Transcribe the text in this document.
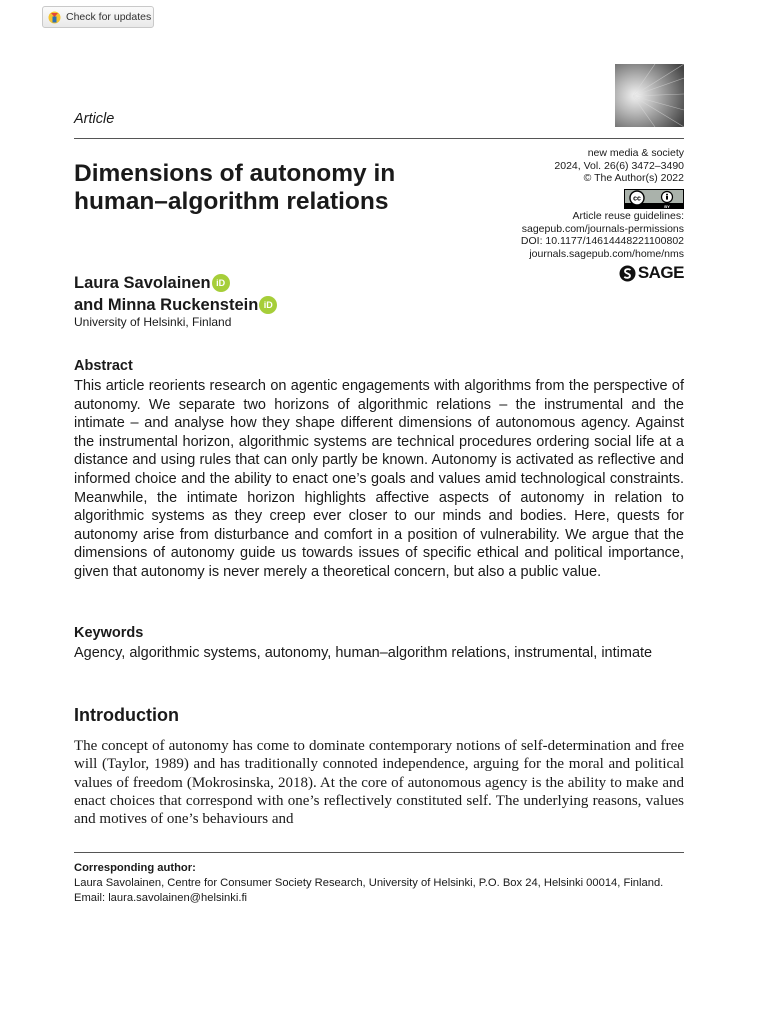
Check for updates
Article
new media & society
2024, Vol. 26(6) 3472–3490
© The Author(s) 2022
cc
BY
Article reuse guidelines:
sagepub.com/journals-permissions
DOI: 10.1177/14614448221100802
journals.sagepub.com/home/nms
SAGE
Dimensions of autonomy in human–algorithm relations
Laura Savolainen iD
and Minna Ruckenstein iD
University of Helsinki, Finland
Abstract
This article reorients research on agentic engagements with algorithms from the perspective of autonomy. We separate two horizons of algorithmic relations – the instrumental and the intimate – and analyse how they shape different dimensions of autonomous agency. Against the instrumental horizon, algorithmic systems are technical procedures ordering social life at a distance and using rules that can only partly be known. Autonomy is activated as reflective and informed choice and the ability to enact one’s goals and values amid technological constraints. Meanwhile, the intimate horizon highlights affective aspects of autonomy in relation to algorithmic systems as they creep ever closer to our minds and bodies. Here, quests for autonomy arise from disturbance and comfort in a position of vulnerability. We argue that the dimensions of autonomy guide us towards issues of specific ethical and political importance, given that autonomy is never merely a theoretical concern, but also a public value.
Keywords
Agency, algorithmic systems, autonomy, human–algorithm relations, instrumental, intimate
Introduction
The concept of autonomy has come to dominate contemporary notions of self-determination and free will (Taylor, 1989) and has traditionally connoted independence, arguing for the moral and political values of freedom (Mokrosinska, 2018). At the core of autonomous agency is the ability to make and enact choices that correspond with one’s reflectively constituted self. The underlying reasons, values and motives of one’s behaviours and
Corresponding author:
Laura Savolainen, Centre for Consumer Society Research, University of Helsinki, P.O. Box 24, Helsinki 00014, Finland.
Email: laura.savolainen@helsinki.fi
